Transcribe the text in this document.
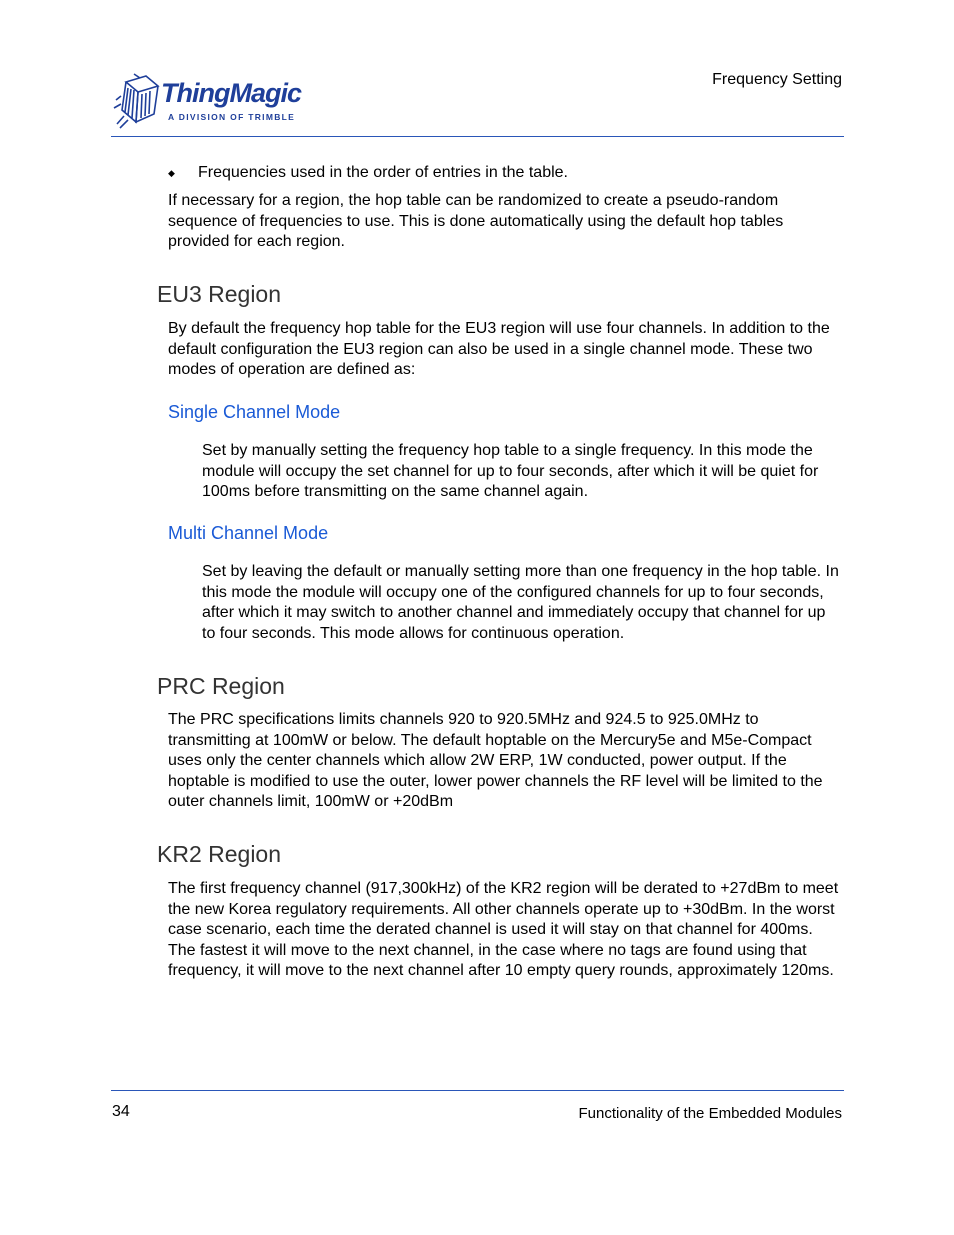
ThingMagic
A DIVISION OF TRIMBLE
Frequency Setting
◆ Frequencies used in the order of entries in the table.

If necessary for a region, the hop table can be randomized to create a pseudo-random sequence of frequencies to use. This is done automatically using the default hop tables provided for each region.

EU3 Region

By default the frequency hop table for the EU3 region will use four channels. In addition to the default configuration the EU3 region can also be used in a single channel mode. These two modes of operation are defined as:

Single Channel Mode

Set by manually setting the frequency hop table to a single frequency. In this mode the module will occupy the set channel for up to four seconds, after which it will be quiet for 100ms before transmitting on the same channel again.

Multi Channel Mode

Set by leaving the default or manually setting more than one frequency in the hop table. In this mode the module will occupy one of the configured channels for up to four seconds, after which it may switch to another channel and immediately occupy that channel for up to four seconds. This mode allows for continuous operation.

PRC Region

The PRC specifications limits channels 920 to 920.5MHz and 924.5 to 925.0MHz to transmitting at 100mW or below. The default hoptable on the Mercury5e and M5e-Compact uses only the center channels which allow 2W ERP, 1W conducted, power output. If the hoptable is modified to use the outer, lower power channels the RF level will be limited to the outer channels limit, 100mW or +20dBm

KR2 Region

The first frequency channel (917,300kHz) of the KR2 region will be derated to +27dBm to meet the new Korea regulatory requirements. All other channels operate up to +30dBm. In the worst case scenario, each time the derated channel is used it will stay on that channel for 400ms. The fastest it will move to the next channel, in the case where no tags are found using that frequency, it will move to the next channel after 10 empty query rounds, approximately 120ms.

34	Functionality of the Embedded Modules
